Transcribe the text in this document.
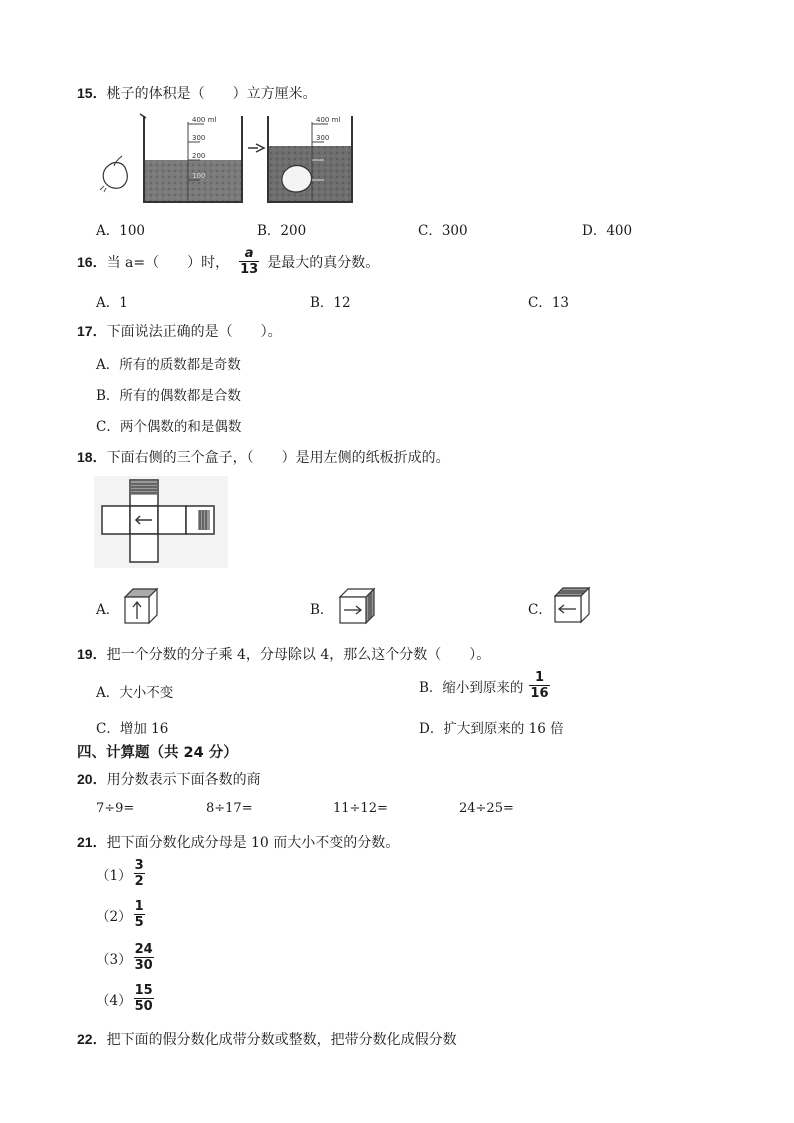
15．桃子的体积是（　　）立方厘米。
400 ml
300
200
100
400 ml
300
A．100	B．200	C．300	D．400
16． 当 a=（　　）时， $\frac{a}{13}$ 是最大的真分数。
A．1	B．12	C．13
17．下面说法正确的是（　　）。
A．所有的质数都是奇数
B．所有的偶数都是合数
C．两个偶数的和是偶数
18．下面右侧的三个盒子，（　　）是用左侧的纸板折成的。
A．	B．	C．
19．把一个分数的分子乘 4，分母除以 4，那么这个分数（　　）。
A．大小不变	B．缩小到原来的 $\frac{1}{16}$
C．增加 16	D．扩大到原来的 16 倍
四、计算题（共 24 分）
20．用分数表示下面各数的商
7÷9=	8÷17=	11÷12=	24÷25=
21．把下面分数化成分母是 10 而大小不变的分数。
$(1) \frac{3}{2}$
$(2) \frac{1}{5}$
$(3) \frac{24}{30}$
$(4) \frac{15}{50}$
22．把下面的假分数化成带分数或整数，把带分数化成假分数
